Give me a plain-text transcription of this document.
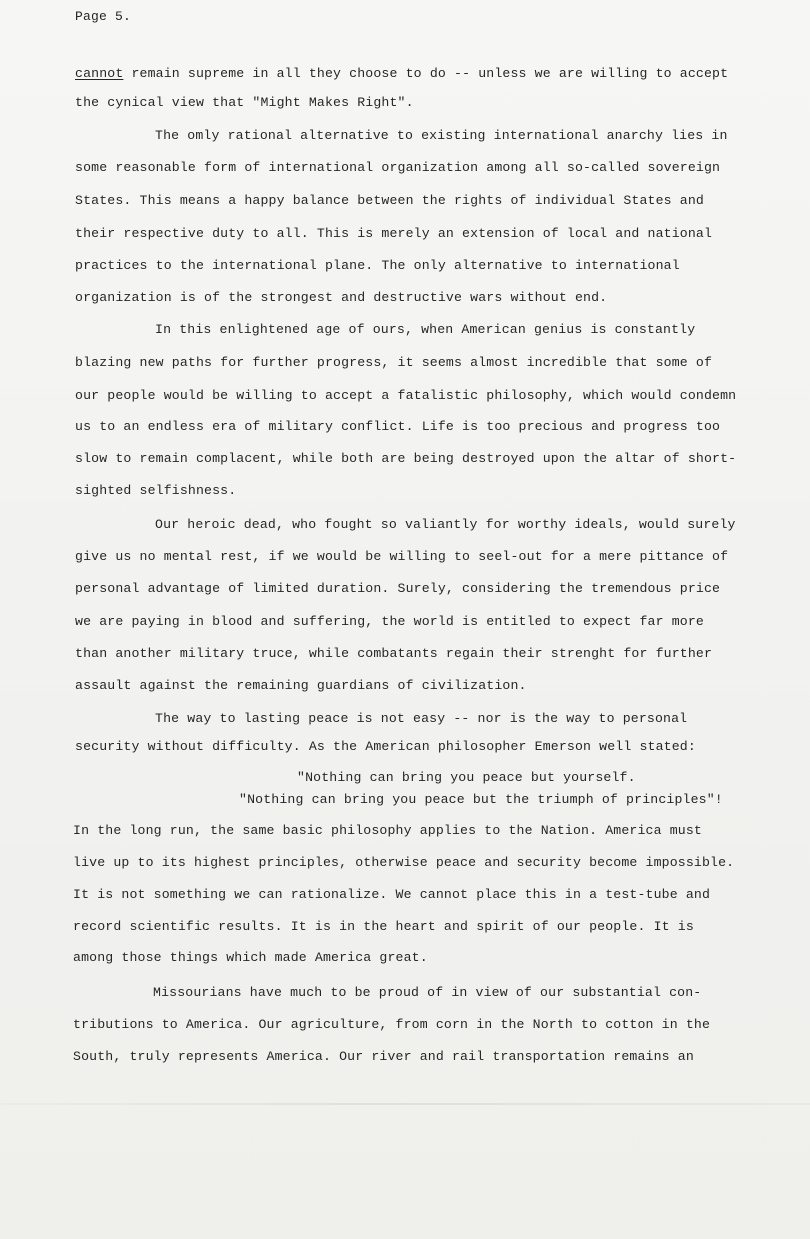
Page 5.
cannot remain supreme in all they choose to do -- unless we are willing to accept
the cynical view that "Might Makes Right".
The omly rational alternative to existing international anarchy lies in
some reasonable form of international organization among all so-called sovereign
States. This means a happy balance between the rights of individual States and
their respective duty to all. This is merely an extension of local and national
practices to the international plane. The only alternative to international
organization is of the strongest and destructive wars without end.
In this enlightened age of ours, when American genius is constantly
blazing new paths for further progress, it seems almost incredible that some of
our people would be willing to accept a fatalistic philosophy, which would condemn
us to an endless era of military conflict. Life is too precious and progress too
slow to remain complacent, while both are being destroyed upon the altar of short-
sighted selfishness.
Our heroic dead, who fought so valiantly for worthy ideals, would surely
give us no mental rest, if we would be willing to seel-out for a mere pittance of
personal advantage of limited duration. Surely, considering the tremendous price
we are paying in blood and suffering, the world is entitled to expect far more
than another military truce, while combatants regain their strenght for further
assault against the remaining guardians of civilization.
The way to lasting peace is not easy -- nor is the way to personal
security without difficulty. As the American philosopher Emerson well stated:
"Nothing can bring you peace but yourself.
"Nothing can bring you peace but the triumph of principles"!
In the long run, the same basic philosophy applies to the Nation. America must
live up to its highest principles, otherwise peace and security become impossible.
It is not something we can rationalize. We cannot place this in a test-tube and
record scientific results. It is in the heart and spirit of our people. It is
among those things which made America great.
Missourians have much to be proud of in view of our substantial con-
tributions to America. Our agriculture, from corn in the North to cotton in the
South, truly represents America. Our river and rail transportation remains an
